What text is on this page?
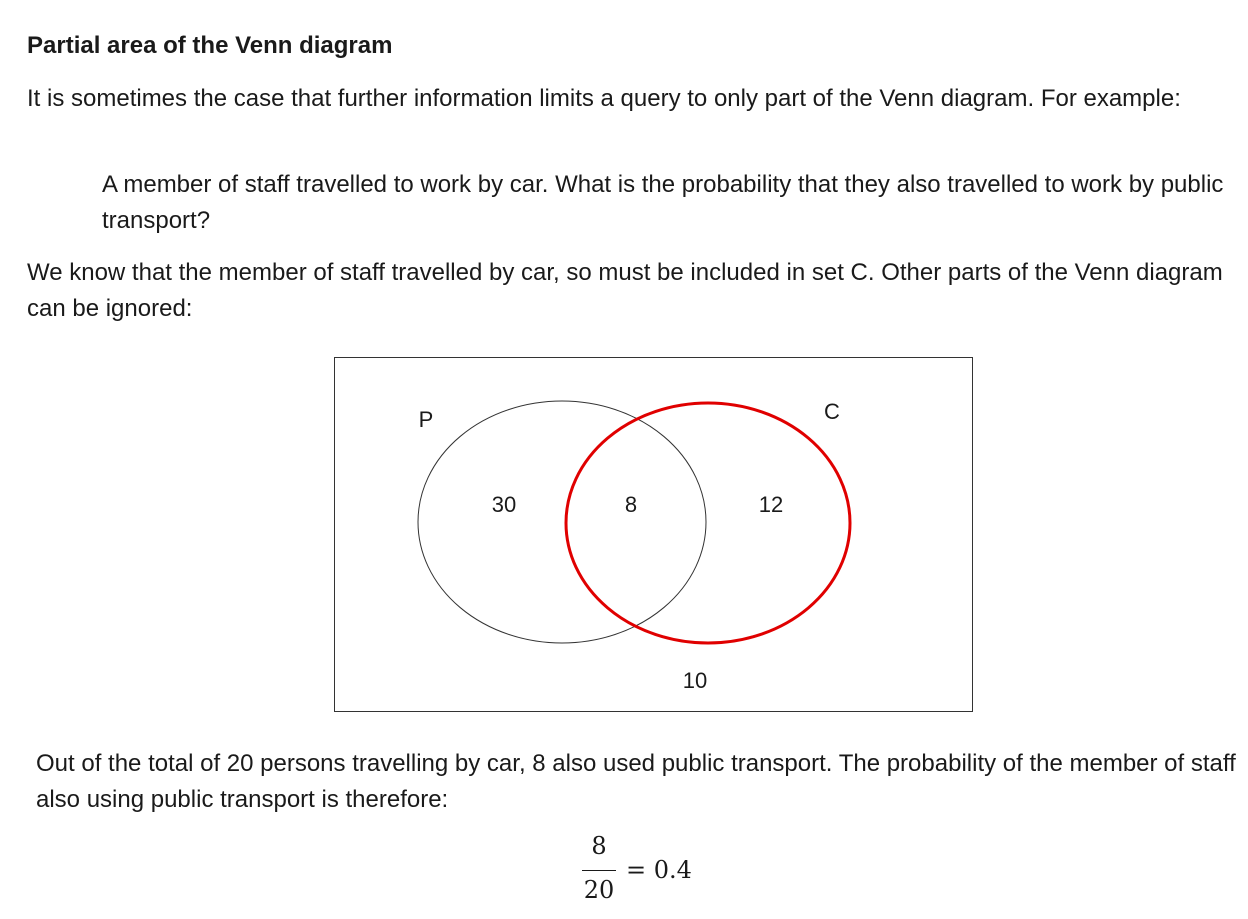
Partial area of the Venn diagram

It is sometimes the case that further information limits a query to only part of the Venn diagram. For example:

A member of staff travelled to work by car. What is the probability that they also travelled to work by public transport?

We know that the member of staff travelled by car, so must be included in set C. Other parts of the Venn diagram can be ignored:

P	C
30	8	12
10

Out of the total of 20 persons travelling by car, 8 also used public transport. The probability of the member of staff also using public transport is therefore:

8
20
= 0.4
